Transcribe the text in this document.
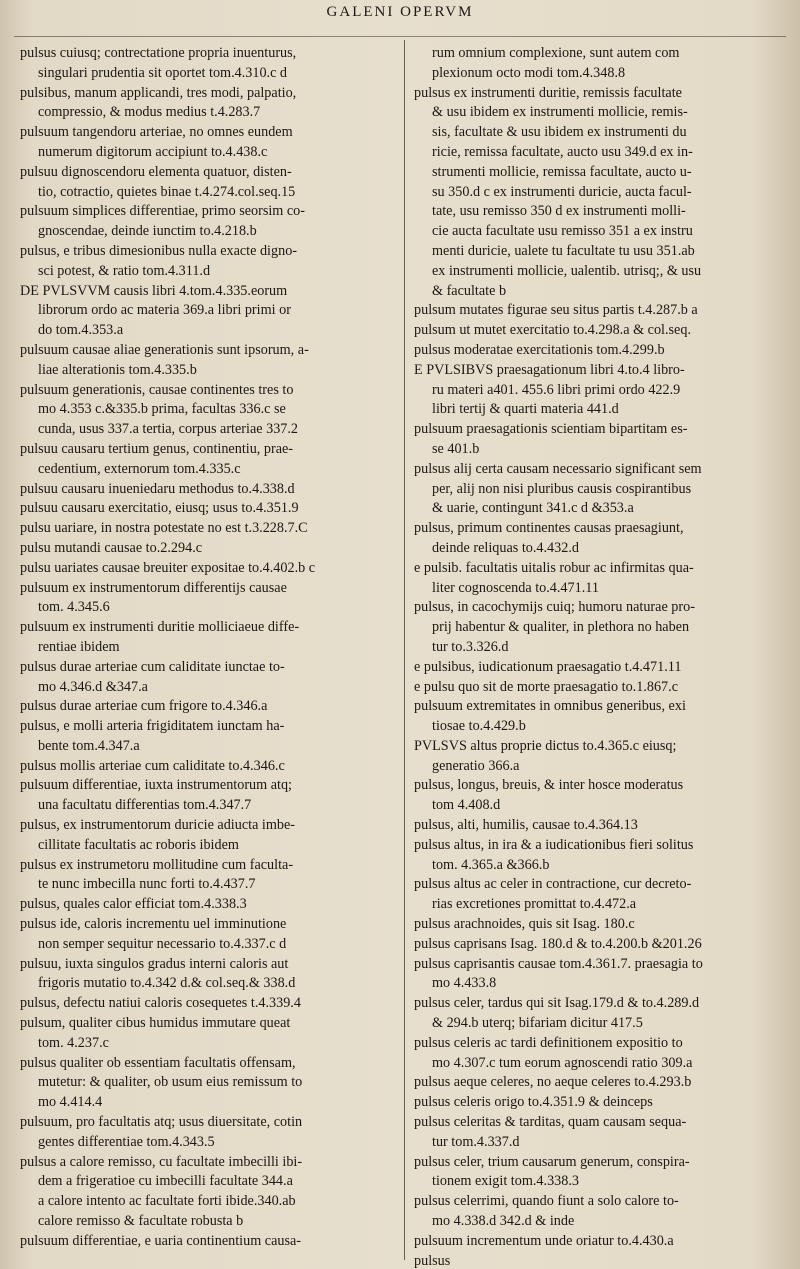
GALENI OPERVM
pulsus cuiusq; contrectatione propria inuenturus,
singulari prudentia sit oportet tom.4.310.c d
pulsibus, manum applicandi, tres modi, palpatio,
compressio, & modus medius t.4.283.7
pulsuum tangendoru arteriae, no omnes eundem
numerum digitorum accipiunt to.4.438.c
pulsuu dignoscendoru elementa quatuor, disten-
tio, cotractio, quietes binae t.4.274.col.seq.15
pulsuum simplices differentiae, primo seorsim co-
gnoscendae, deinde iunctim to.4.218.b
pulsus, e tribus dimesionibus nulla exacte digno-
sci potest, & ratio tom.4.311.d
DE PVLSVVM causis libri 4.tom.4.335.eorum
librorum ordo ac materia 369.a libri primi or
do tom.4.353.a
pulsuum causae aliae generationis sunt ipsorum, a-
liae alterationis tom.4.335.b
pulsuum generationis, causae continentes tres to
mo 4.353 c.&335.b prima, facultas 336.c se
cunda, usus 337.a tertia, corpus arteriae 337.2
pulsuu causaru tertium genus, continentiu, prae-
cedentium, externorum tom.4.335.c
pulsuu causaru inueniedaru methodus to.4.338.d
pulsuu causaru exercitatio, eiusq; usus to.4.351.9
pulsu uariare, in nostra potestate no est t.3.228.7.C
pulsu mutandi causae to.2.294.c
pulsu uariates causae breuiter expositae to.4.402.b c
pulsuum ex instrumentorum differentijs causae
tom. 4.345.6
pulsuum ex instrumenti duritie molliciaeue diffe-
rentiae ibidem
pulsus durae arteriae cum caliditate iunctae to-
mo 4.346.d &347.a
pulsus durae arteriae cum frigore to.4.346.a
pulsus, e molli arteria frigiditatem iunctam ha-
bente tom.4.347.a
pulsus mollis arteriae cum caliditate to.4.346.c
pulsuum differentiae, iuxta instrumentorum atq;
una facultatu differentias tom.4.347.7
pulsus, ex instrumentorum duricie adiucta imbe-
cillitate facultatis ac roboris ibidem
pulsus ex instrumetoru mollitudine cum faculta-
te nunc imbecilla nunc forti to.4.437.7
pulsus, quales calor efficiat tom.4.338.3
pulsus ide, caloris incrementu uel imminutione
non semper sequitur necessario to.4.337.c d
pulsuu, iuxta singulos gradus interni caloris aut
frigoris mutatio to.4.342 d.& col.seq.& 338.d
pulsus, defectu natiui caloris cosequetes t.4.339.4
pulsum, qualiter cibus humidus immutare queat
tom. 4.237.c
pulsus qualiter ob essentiam facultatis offensam,
mutetur: & qualiter, ob usum eius remissum to
mo 4.414.4
pulsuum, pro facultatis atq; usus diuersitate, cotin
gentes differentiae tom.4.343.5
pulsus a calore remisso, cu facultate imbecilli ibi-
dem a frigeratioe cu imbecilli facultate 344.a
a calore intento ac facultate forti ibide.340.ab
calore remisso & facultate robusta b
pulsuum differentiae, e uaria continentium causa-
rum omnium complexione, sunt autem com
plexionum octo modi tom.4.348.8
pulsus ex instrumenti duritie, remissis facultate
& usu ibidem ex instrumenti mollicie, remis-
sis, facultate & usu ibidem ex instrumenti du
ricie, remissa facultate, aucto usu 349.d ex in-
strumenti mollicie, remissa facultate, aucto u-
su 350.d c ex instrumenti duricie, aucta facul-
tate, usu remisso 350 d ex instrumenti molli-
cie aucta facultate usu remisso 351 a ex instru
menti duricie, ualete tu facultate tu usu 351.ab
ex instrumenti mollicie, ualentib. utrisq;, & usu
& facultate b
pulsum mutates figurae seu situs partis t.4.287.b a
pulsum ut mutet exercitatio to.4.298.a & col.seq.
pulsus moderatae exercitationis tom.4.299.b
E PVLSIBVS praesagationum libri 4.to.4 libro-
ru materi a401. 455.6 libri primi ordo 422.9
libri tertij & quarti materia 441.d
pulsuum praesagationis scientiam bipartitam es-
se 401.b
pulsus alij certa causam necessario significant sem
per, alij non nisi pluribus causis cospirantibus
& uarie, contingunt 341.c d &353.a
pulsus, primum continentes causas praesagiunt,
deinde reliquas to.4.432.d
e pulsib. facultatis uitalis robur ac infirmitas qua-
liter cognoscenda to.4.471.11
pulsus, in cacochymijs cuiq; humoru naturae pro-
prij habentur & qualiter, in plethora no haben
tur to.3.326.d
e pulsibus, iudicationum praesagatio t.4.471.11
e pulsu quo sit de morte praesagatio to.1.867.c
pulsuum extremitates in omnibus generibus, exi
tiosae to.4.429.b
PVLSVS altus proprie dictus to.4.365.c eiusq;
generatio 366.a
pulsus, longus, breuis, & inter hosce moderatus
tom 4.408.d
pulsus, alti, humilis, causae to.4.364.13
pulsus altus, in ira & a iudicationibus fieri solitus
tom. 4.365.a &366.b
pulsus altus ac celer in contractione, cur decreto-
rias excretiones promittat to.4.472.a
pulsus arachnoides, quis sit Isag. 180.c
pulsus caprisans Isag. 180.d & to.4.200.b &201.26
pulsus caprisantis causae tom.4.361.7. praesagia to
mo 4.433.8
pulsus celer, tardus qui sit Isag.179.d & to.4.289.d
& 294.b uterq; bifariam dicitur 417.5
pulsus celeris ac tardi definitionem expositio to
mo 4.307.c tum eorum agnoscendi ratio 309.a
pulsus aeque celeres, no aeque celeres to.4.293.b
pulsus celeris origo to.4.351.9 & deinceps
pulsus celeritas & tarditas, quam causam sequa-
tur tom.4.337.d
pulsus celer, trium causarum generum, conspira-
tionem exigit tom.4.338.3
pulsus celerrimi, quando fiunt a solo calore to-
mo 4.338.d 342.d & inde
pulsuum incrementum unde oriatur to.4.430.a
pulsus
